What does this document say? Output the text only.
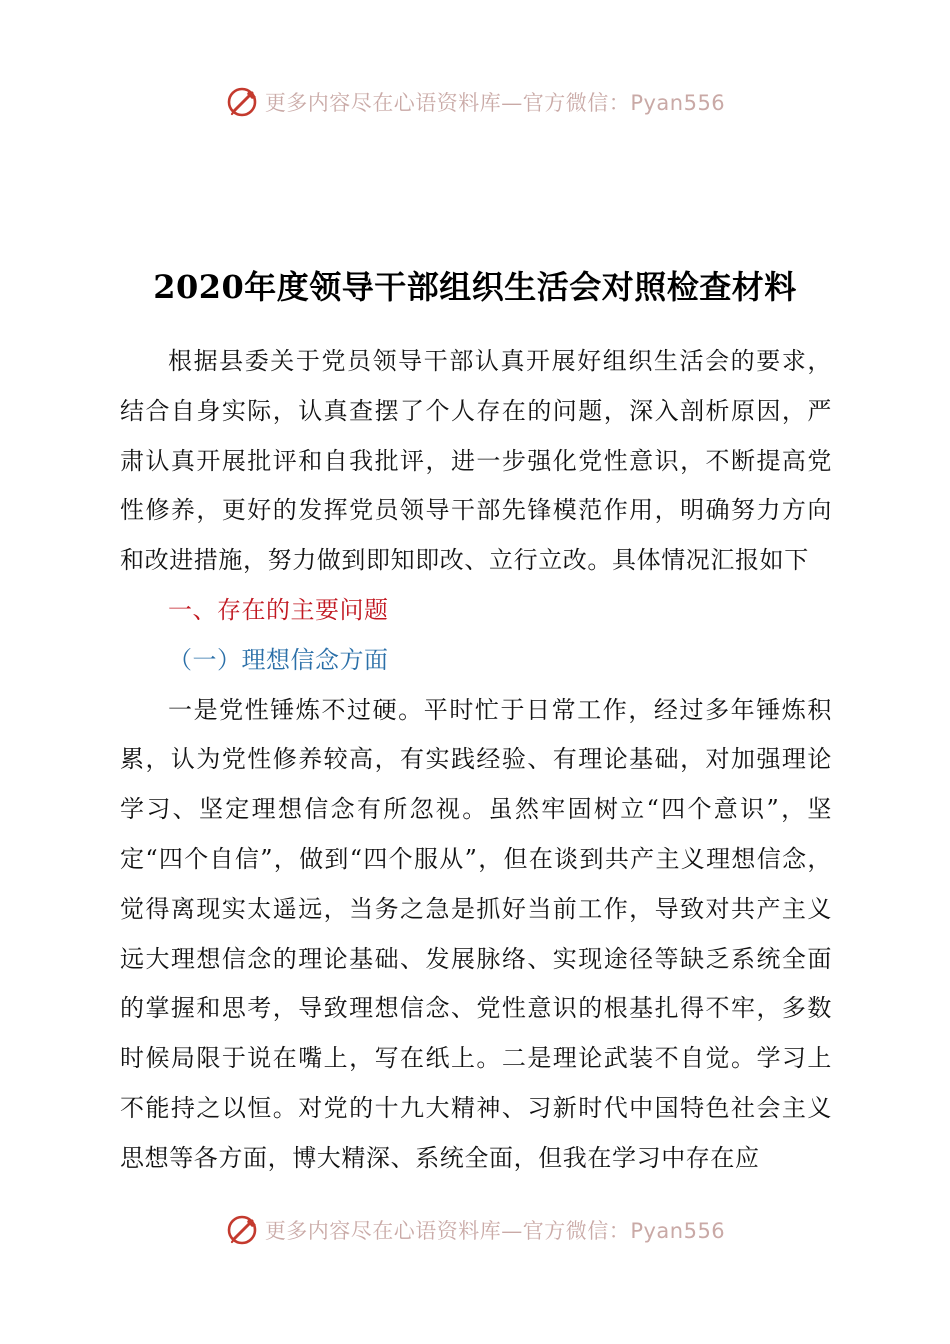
更多内容尽在心语资料库—官方微信：Pyan556
2020年度领导干部组织生活会对照检查材料

根据县委关于党员领导干部认真开展好组织生活会的要求，结合自身实际，认真查摆了个人存在的问题，深入剖析原因，严肃认真开展批评和自我批评，进一步强化党性意识，不断提高党性修养，更好的发挥党员领导干部先锋模范作用，明确努力方向和改进措施，努力做到即知即改、立行立改。具体情况汇报如下

一、存在的主要问题

（一）理想信念方面

一是党性锤炼不过硬。平时忙于日常工作，经过多年锤炼积累，认为党性修养较高，有实践经验、有理论基础，对加强理论学习、坚定理想信念有所忽视。虽然牢固树立“四个意识”，坚定“四个自信”，做到“四个服从”，但在谈到共产主义理想信念，觉得离现实太遥远，当务之急是抓好当前工作，导致对共产主义远大理想信念的理论基础、发展脉络、实现途径等缺乏系统全面的掌握和思考，导致理想信念、党性意识的根基扎得不牢，多数时候局限于说在嘴上，写在纸上。二是理论武装不自觉。学习上不能持之以恒。对党的十九大精神、习新时代中国特色社会主义思想等各方面，博大精深、系统全面，但我在学习中存在应

更多内容尽在心语资料库—官方微信：Pyan556
